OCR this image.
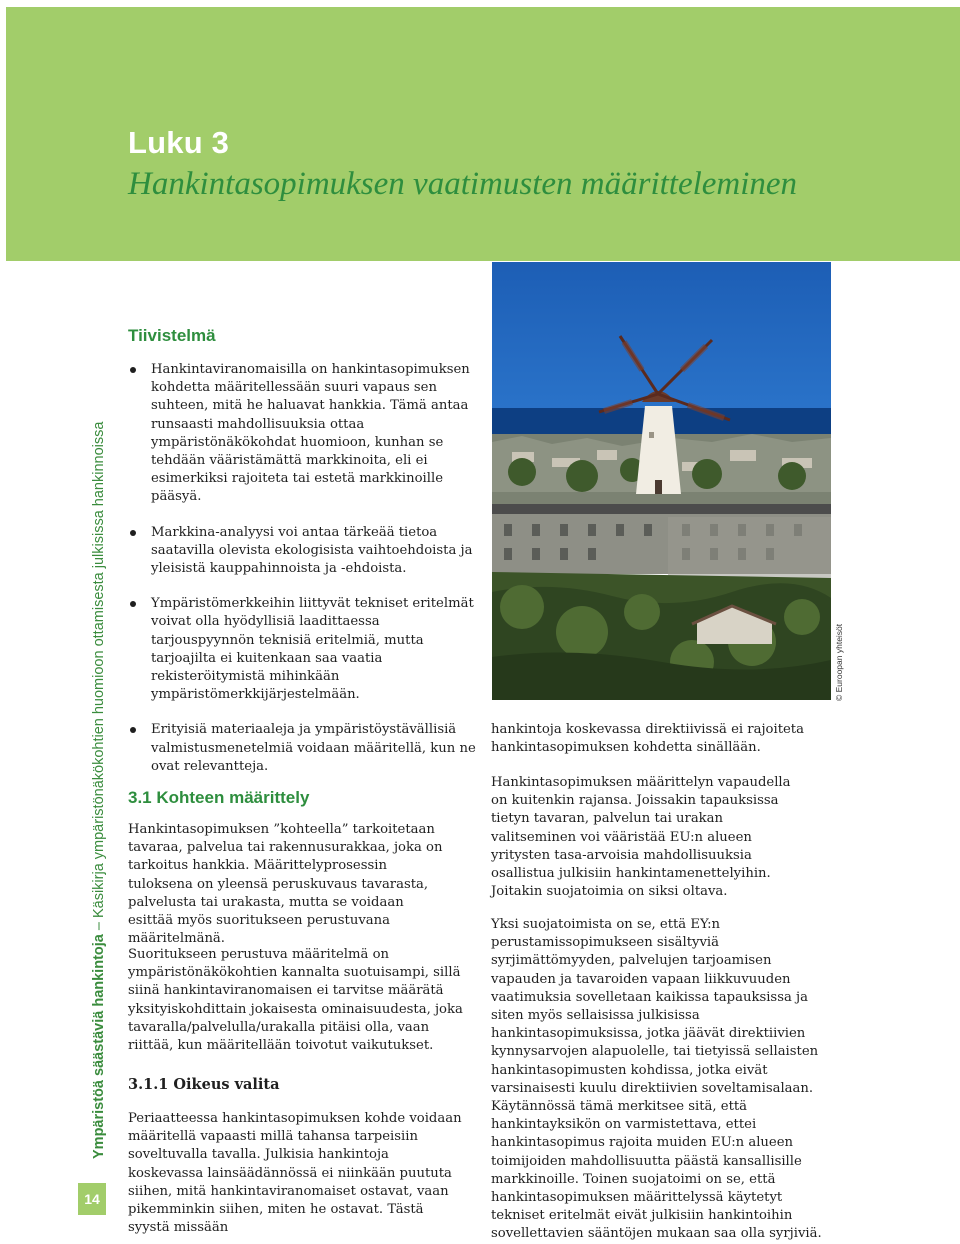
Luku 3
Hankintasopimuksen vaatimusten määritteleminen
Ympäristöä säästäviä hankintoja – Käsikirja ympäristönäkökohtien huomioon ottamisesta julkisissa hankinnoissa
14
Tiivistelmä
Hankintaviranomaisilla on hankintasopimuksen kohdetta määritellessään suuri vapaus sen suhteen, mitä he haluavat hankkia. Tämä antaa runsaasti mahdollisuuksia ottaa ympäristönäkökohdat huomioon, kunhan se tehdään vääristämättä markkinoita, eli ei esimerkiksi rajoiteta tai estetä markkinoille pääsyä.
Markkina-analyysi voi antaa tärkeää tietoa saatavilla olevista ekologisista vaihtoehdoista ja yleisistä kauppahinnoista ja -ehdoista.
Ympäristömerkkeihin liittyvät tekniset eritelmät voivat olla hyödyllisiä laadittaessa tarjouspyynnön teknisiä eritelmiä, mutta tarjoajilta ei kuitenkaan saa vaatia rekisteröitymistä mihinkään ympäristömerkkijärjestelmään.
Erityisiä materiaaleja ja ympäristöystävällisiä valmistusmenetelmiä voidaan määritellä, kun ne ovat relevantteja.
3.1 Kohteen määrittely

Hankintasopimuksen ”kohteella” tarkoitetaan tavaraa, palvelua tai rakennusurakkaa, joka on tarkoitus hankkia. Määrittelyprosessin tuloksena on yleensä peruskuvaus tavarasta, palvelusta tai urakasta, mutta se voidaan esittää myös suoritukseen perustuvana määritelmänä.

Suoritukseen perustuva määritelmä on ympäristönäkökohtien kannalta suotuisampi, sillä siinä hankintaviranomaisen ei tarvitse määrätä yksityiskohdittain jokaisesta ominaisuudesta, joka tavaralla/palvelulla/urakalla pitäisi olla, vaan riittää, kun määritellään toivotut vaikutukset.

3.1.1 Oikeus valita

Periaatteessa hankintasopimuksen kohde voidaan määritellä vapaasti millä tahansa tarpeisiin soveltuvalla tavalla. Julkisia hankintoja koskevassa lainsäädännössä ei niinkään puututa siihen, mitä hankintaviranomaiset ostavat, vaan pikemminkin siihen, miten he ostavat. Tästä syystä missään

© Euroopan yhteisöt

hankintoja koskevassa direktiivissä ei rajoiteta hankintasopimuksen kohdetta sinällään.

Hankintasopimuksen määrittelyn vapaudella on kuitenkin rajansa. Joissakin tapauksissa tietyn tavaran, palvelun tai urakan valitseminen voi vääristää EU:n alueen yritysten tasa-arvoisia mahdollisuuksia osallistua julkisiin hankintamenettelyihin. Joitakin suojatoimia on siksi oltava.

Yksi suojatoimista on se, että EY:n perustamissopimukseen sisältyviä syrjimättömyyden, palvelujen tarjoamisen vapauden ja tavaroiden vapaan liikkuvuuden vaatimuksia sovelletaan kaikissa tapauksissa ja siten myös sellaisissa julkisissa hankintasopimuksissa, jotka jäävät direktiivien kynnysarvojen alapuolelle, tai tietyissä sellaisten hankintasopimusten kohdissa, jotka eivät varsinaisesti kuulu direktiivien soveltamisalaan. Käytännössä tämä merkitsee sitä, että hankintayksikön on varmistettava, ettei hankintasopimus rajoita muiden EU:n alueen toimijoiden mahdollisuutta päästä kansallisille markkinoille. Toinen suojatoimi on se, että hankintasopimuksen määrittelyssä käytetyt tekniset eritelmät eivät julkisiin hankintoihin sovellettavien sääntöjen mukaan saa olla syrjiviä.
